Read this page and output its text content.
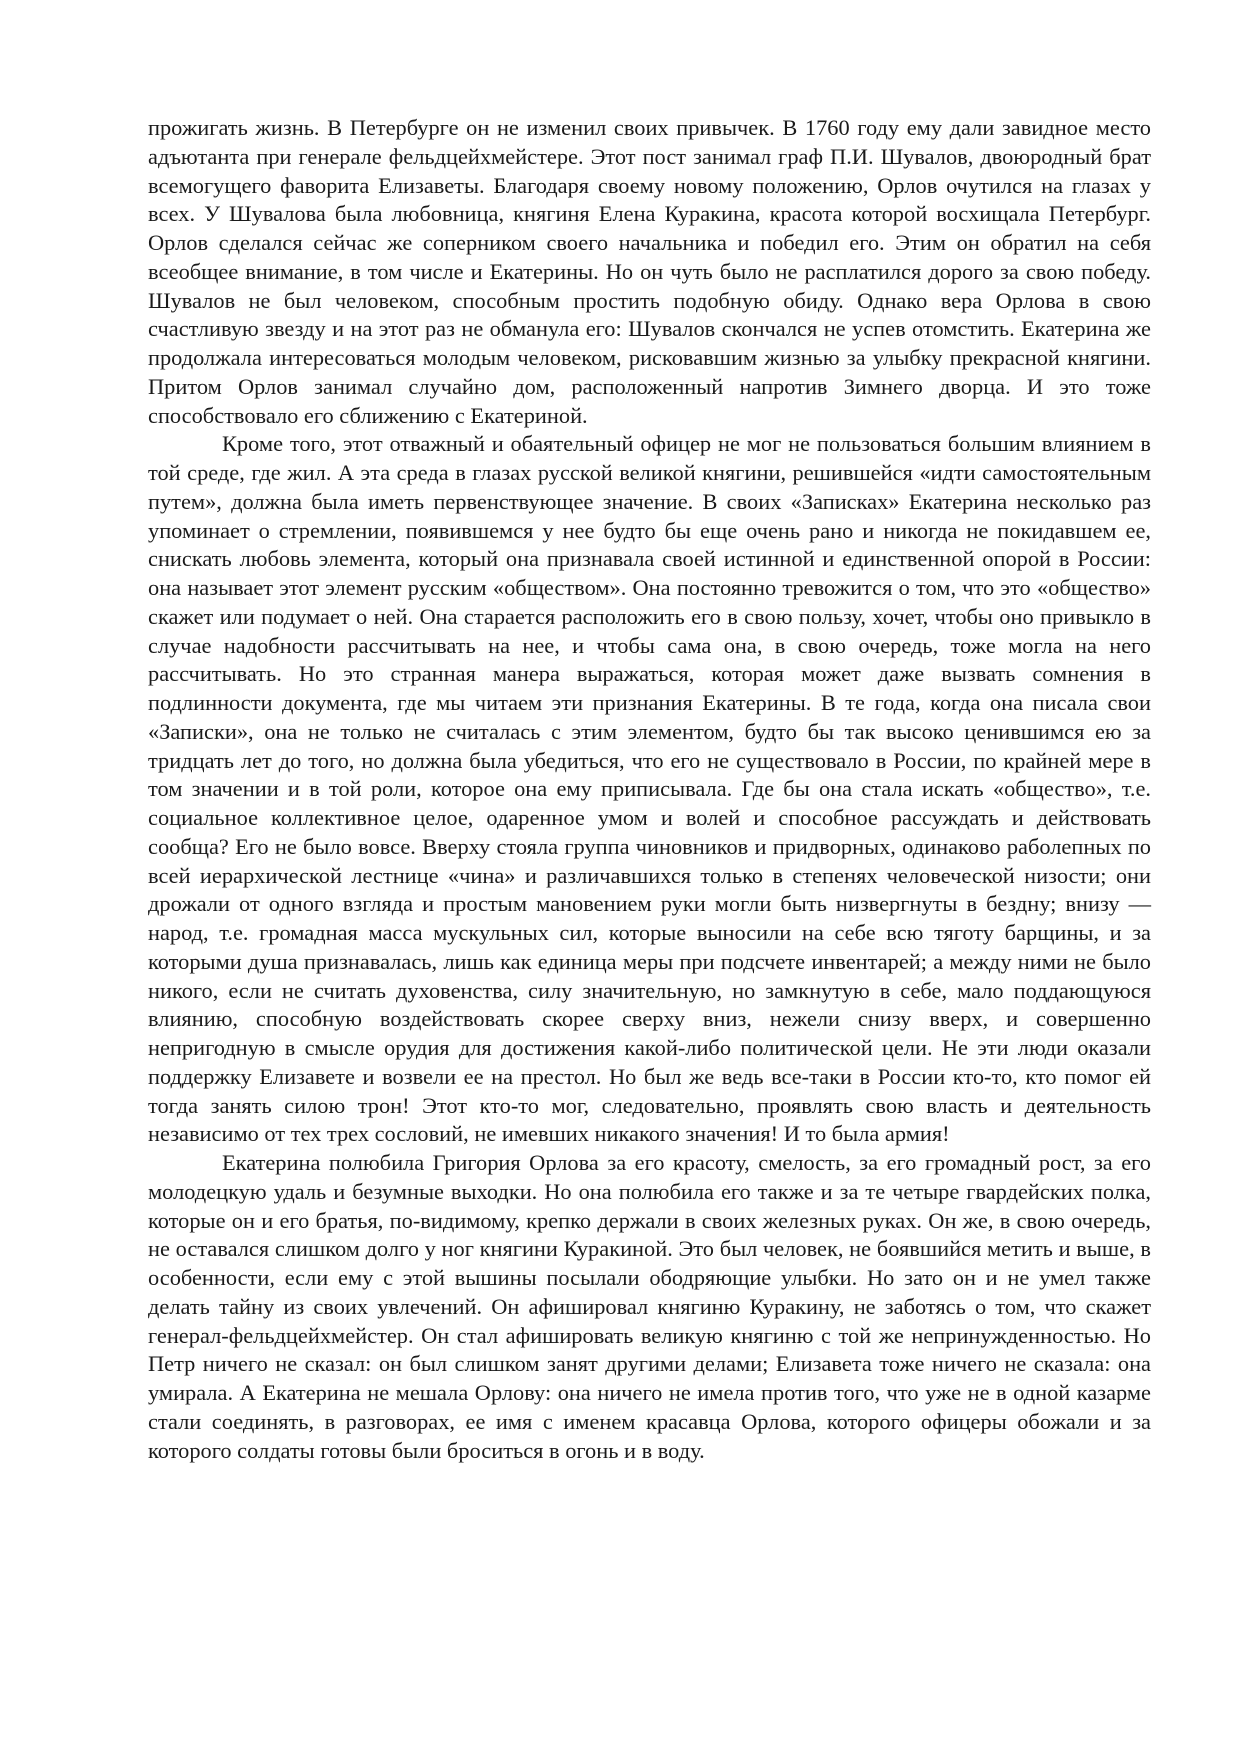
прожигать жизнь. В Петербурге он не изменил своих привычек. В 1760 году ему дали завидное место адъютанта при генерале фельдцейхмейстере. Этот пост занимал граф П.И. Шувалов, двоюродный брат всемогущего фаворита Елизаветы. Благодаря своему новому положению, Орлов очутился на глазах у всех. У Шувалова была любовница, княгиня Елена Куракина, красота которой восхищала Петербург. Орлов сделался сейчас же соперником своего начальника и победил его. Этим он обратил на себя всеобщее внимание, в том числе и Екатерины. Но он чуть было не расплатился дорого за свою победу. Шувалов не был человеком, способным простить подобную обиду. Однако вера Орлова в свою счастливую звезду и на этот раз не обманула его: Шувалов скончался не успев отомстить. Екатерина же продолжала интересоваться молодым человеком, рисковавшим жизнью за улыбку прекрасной княгини. Притом Орлов занимал случайно дом, расположенный напротив Зимнего дворца. И это тоже способствовало его сближению с Екатериной.

Кроме того, этот отважный и обаятельный офицер не мог не пользоваться большим влиянием в той среде, где жил. А эта среда в глазах русской великой княгини, решившейся «идти самостоятельным путем», должна была иметь первенствующее значение. В своих «Записках» Екатерина несколько раз упоминает о стремлении, появившемся у нее будто бы еще очень рано и никогда не покидавшем ее, снискать любовь элемента, который она признавала своей истинной и единственной опорой в России: она называет этот элемент русским «обществом». Она постоянно тревожится о том, что это «общество» скажет или подумает о ней. Она старается расположить его в свою пользу, хочет, чтобы оно привыкло в случае надобности рассчитывать на нее, и чтобы сама она, в свою очередь, тоже могла на него рассчитывать. Но это странная манера выражаться, которая может даже вызвать сомнения в подлинности документа, где мы читаем эти признания Екатерины. В те года, когда она писала свои «Записки», она не только не считалась с этим элементом, будто бы так высоко ценившимся ею за тридцать лет до того, но должна была убедиться, что его не существовало в России, по крайней мере в том значении и в той роли, которое она ему приписывала. Где бы она стала искать «общество», т.е. социальное коллективное целое, одаренное умом и волей и способное рассуждать и действовать сообща? Его не было вовсе. Вверху стояла группа чиновников и придворных, одинаково раболепных по всей иерархической лестнице «чина» и различавшихся только в степенях человеческой низости; они дрожали от одного взгляда и простым мановением руки могли быть низвергнуты в бездну; внизу — народ, т.е. громадная масса мускульных сил, которые выносили на себе всю тяготу барщины, и за которыми душа признавалась, лишь как единица меры при подсчете инвентарей; а между ними не было никого, если не считать духовенства, силу значительную, но замкнутую в себе, мало поддающуюся влиянию, способную воздействовать скорее сверху вниз, нежели снизу вверх, и совершенно непригодную в смысле орудия для достижения какой-либо политической цели. Не эти люди оказали поддержку Елизавете и возвели ее на престол. Но был же ведь все-таки в России кто-то, кто помог ей тогда занять силою трон! Этот кто-то мог, следовательно, проявлять свою власть и деятельность независимо от тех трех сословий, не имевших никакого значения! И то была армия!

Екатерина полюбила Григория Орлова за его красоту, смелость, за его громадный рост, за его молодецкую удаль и безумные выходки. Но она полюбила его также и за те четыре гвардейских полка, которые он и его братья, по-видимому, крепко держали в своих железных руках. Он же, в свою очередь, не оставался слишком долго у ног княгини Куракиной. Это был человек, не боявшийся метить и выше, в особенности, если ему с этой вышины посылали ободряющие улыбки. Но зато он и не умел также делать тайну из своих увлечений. Он афишировал княгиню Куракину, не заботясь о том, что скажет генерал-фельдцейхмейстер. Он стал афишировать великую княгиню с той же непринужденностью. Но Петр ничего не сказал: он был слишком занят другими делами; Елизавета тоже ничего не сказала: она умирала. А Екатерина не мешала Орлову: она ничего не имела против того, что уже не в одной казарме стали соединять, в разговорах, ее имя с именем красавца Орлова, которого офицеры обожали и за которого солдаты готовы были броситься в огонь и в воду.
